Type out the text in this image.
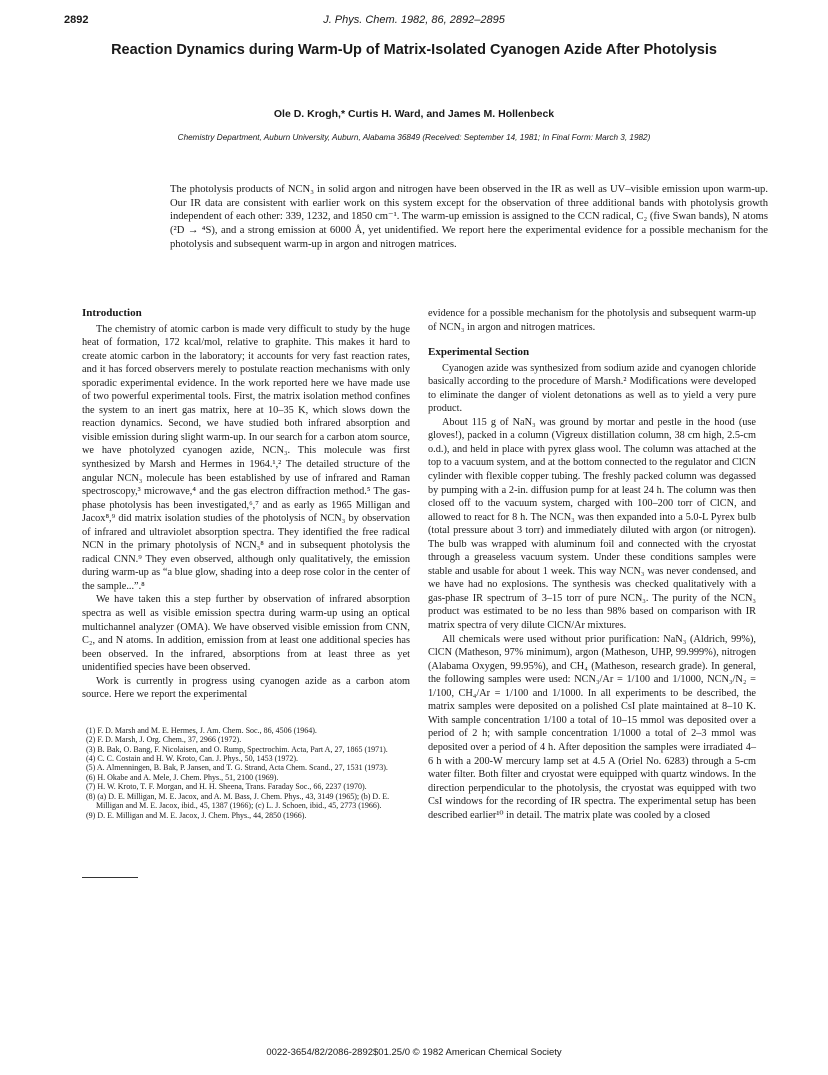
2892	J. Phys. Chem. 1982, 86, 2892–2895
Reaction Dynamics during Warm-Up of Matrix-Isolated Cyanogen Azide After Photolysis
Ole D. Krogh,* Curtis H. Ward, and James M. Hollenbeck
Chemistry Department, Auburn University, Auburn, Alabama 36849 (Received: September 14, 1981; In Final Form: March 3, 1982)
The photolysis products of NCN₃ in solid argon and nitrogen have been observed in the IR as well as UV–visible emission upon warm-up. Our IR data are consistent with earlier work on this system except for the observation of three additional bands with photolysis growth independent of each other: 339, 1232, and 1850 cm⁻¹. The warm-up emission is assigned to the CCN radical, C₂ (five Swan bands), N atoms (²D → ⁴S), and a strong emission at 6000 Å, yet unidentified. We report here the experimental evidence for a possible mechanism for the photolysis and subsequent warm-up in argon and nitrogen matrices.
Introduction

The chemistry of atomic carbon is made very difficult to study by the huge heat of formation, 172 kcal/mol, relative to graphite. This makes it hard to create atomic carbon in the laboratory; it accounts for very fast reaction rates, and it has forced observers merely to postulate reaction mechanisms with only sporadic experimental evidence. In the work reported here we have made use of two powerful experimental tools. First, the matrix isolation method confines the system to an inert gas matrix, here at 10–35 K, which slows down the reaction dynamics. Second, we have studied both infrared absorption and visible emission during slight warm-up. In our search for a carbon atom source, we have photolyzed cyanogen azide, NCN₃. This molecule was first synthesized by Marsh and Hermes in 1964.¹,² The detailed structure of the angular NCN₃ molecule has been established by use of infrared and Raman spectroscopy,³ microwave,⁴ and the gas electron diffraction method.⁵ The gas-phase photolysis has been investigated,⁶,⁷ and as early as 1965 Milligan and Jacox⁸,⁹ did matrix isolation studies of the photolysis of NCN₃ by observation of infrared and ultraviolet absorption spectra. They identified the free radical NCN in the primary photolysis of NCN₃⁸ and in subsequent photolysis the radical CNN.⁹ They even observed, although only qualitatively, the emission during warm-up as “a blue glow, shading into a deep rose color in the center of the sample...”.⁸

We have taken this a step further by observation of infrared absorption spectra as well as visible emission spectra during warm-up using an optical multichannel analyzer (OMA). We have observed visible emission from CNN, C₂, and N atoms. In addition, emission from at least one additional species has been observed. In the infrared, absorptions from at least three as yet unidentified species have been observed.

Work is currently in progress using cyanogen azide as a carbon atom source. Here we report the experimental

(1) F. D. Marsh and M. E. Hermes, J. Am. Chem. Soc., 86, 4506 (1964).
(2) F. D. Marsh, J. Org. Chem., 37, 2966 (1972).
(3) B. Bak, O. Bang, F. Nicolaisen, and O. Rump, Spectrochim. Acta, Part A, 27, 1865 (1971).
(4) C. C. Costain and H. W. Kroto, Can. J. Phys., 50, 1453 (1972).
(5) A. Almenningen, B. Bak, P. Jansen, and T. G. Strand, Acta Chem. Scand., 27, 1531 (1973).
(6) H. Okabe and A. Mele, J. Chem. Phys., 51, 2100 (1969).
(7) H. W. Kroto, T. F. Morgan, and H. H. Sheena, Trans. Faraday Soc., 66, 2237 (1970).
(8) (a) D. E. Milligan, M. E. Jacox, and A. M. Bass, J. Chem. Phys., 43, 3149 (1965); (b) D. E. Milligan and M. E. Jacox, ibid., 45, 1387 (1966); (c) L. J. Schoen, ibid., 45, 2773 (1966).
(9) D. E. Milligan and M. E. Jacox, J. Chem. Phys., 44, 2850 (1966).

evidence for a possible mechanism for the photolysis and subsequent warm-up of NCN₃ in argon and nitrogen matrices.

Experimental Section

Cyanogen azide was synthesized from sodium azide and cyanogen chloride basically according to the procedure of Marsh.² Modifications were developed to eliminate the danger of violent detonations as well as to yield a very pure product.

About 115 g of NaN₃ was ground by mortar and pestle in the hood (use gloves!), packed in a column (Vigreux distillation column, 38 cm high, 2.5-cm o.d.), and held in place with pyrex glass wool. The column was attached at the top to a vacuum system, and at the bottom connected to the regulator and ClCN cylinder with flexible copper tubing. The freshly packed column was degassed by pumping with a 2-in. diffusion pump for at least 24 h. The column was then closed off to the vacuum system, charged with 100–200 torr of ClCN, and allowed to react for 8 h. The NCN₃ was then expanded into a 5.0-L Pyrex bulb (total pressure about 3 torr) and immediately diluted with argon (or nitrogen). The bulb was wrapped with aluminum foil and connected with the cryostat through a greaseless vacuum system. Under these conditions samples were stable and usable for about 1 week. This way NCN₃ was never condensed, and we have had no explosions. The synthesis was checked qualitatively with a gas-phase IR spectrum of 3–15 torr of pure NCN₃. The purity of the NCN₃ product was estimated to be no less than 98% based on comparison with IR matrix spectra of very dilute ClCN/Ar mixtures.

All chemicals were used without prior purification: NaN₃ (Aldrich, 99%), ClCN (Matheson, 97% minimum), argon (Matheson, UHP, 99.999%), nitrogen (Alabama Oxygen, 99.95%), and CH₄ (Matheson, research grade). In general, the following samples were used: NCN₃/Ar = 1/100 and 1/1000, NCN₃/N₂ = 1/100, CH₄/Ar = 1/100 and 1/1000. In all experiments to be described, the matrix samples were deposited on a polished CsI plate maintained at 8–10 K. With sample concentration 1/100 a total of 10–15 mmol was deposited over a period of 2 h; with sample concentration 1/1000 a total of 2–3 mmol was deposited over a period of 4 h. After deposition the samples were irradiated 4–6 h with a 200-W mercury lamp set at 4.5 A (Oriel No. 6283) through a 5-cm water filter. Both filter and cryostat were equipped with quartz windows. In the direction perpendicular to the photolysis, the cryostat was equipped with two CsI windows for the recording of IR spectra. The experimental setup has been described earlier¹⁰ in detail. The matrix plate was cooled by a closed

0022-3654/82/2086-2892$01.25/0 © 1982 American Chemical Society
